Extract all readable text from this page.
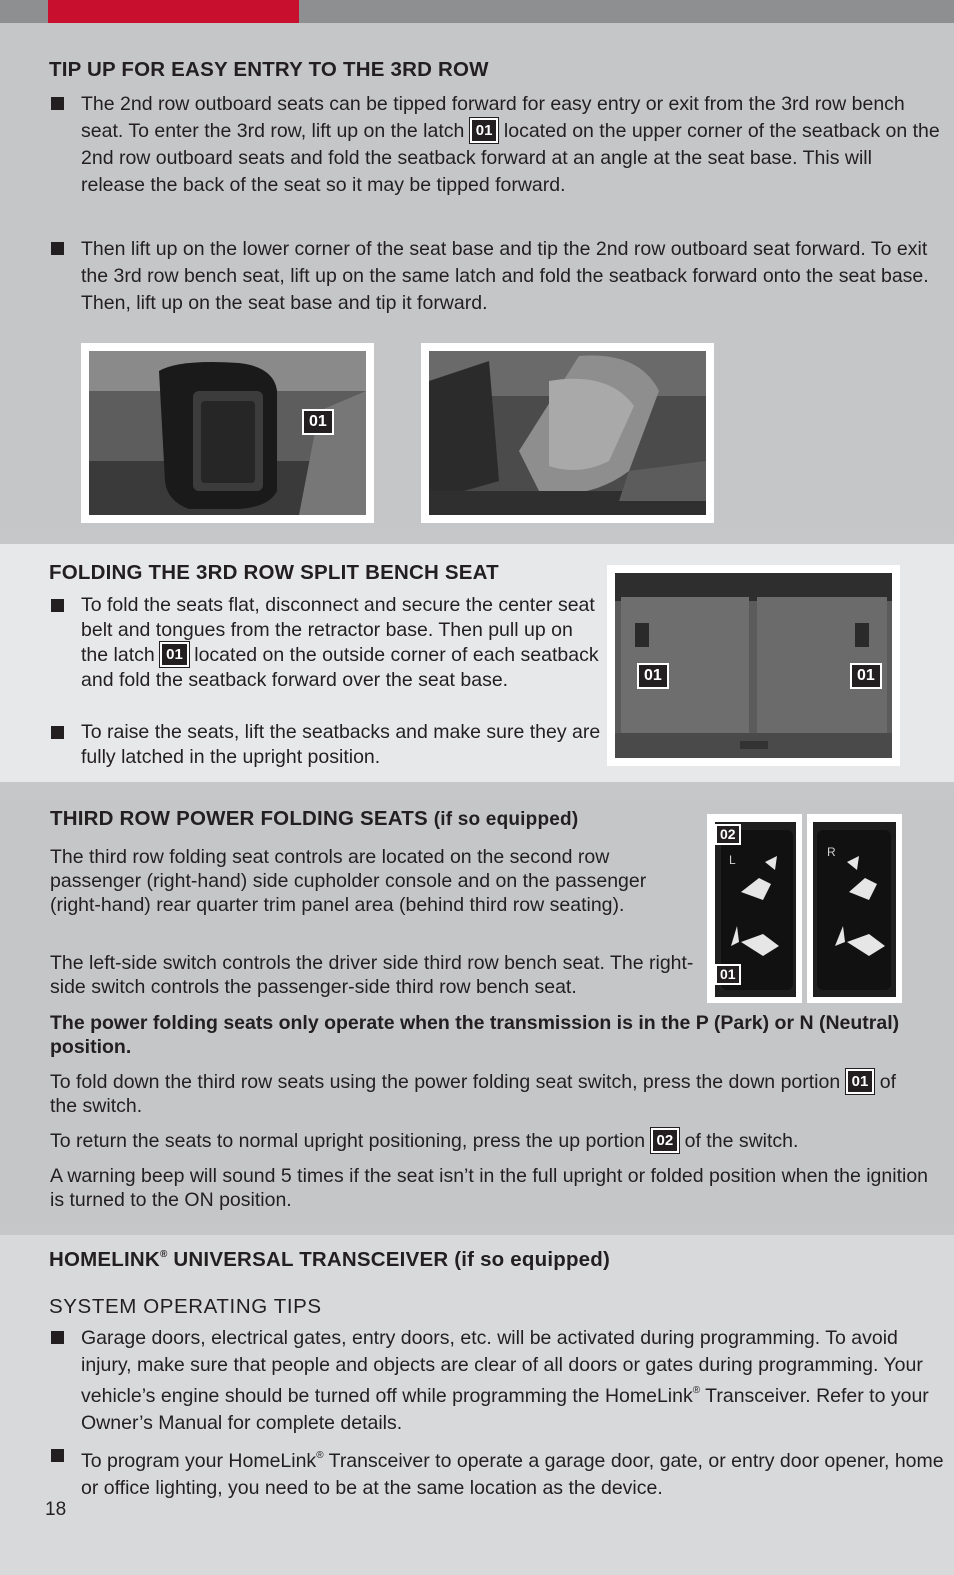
TIP UP FOR EASY ENTRY TO THE 3RD ROW
The 2nd row outboard seats can be tipped forward for easy entry or exit from the 3rd row bench seat. To enter the 3rd row, lift up on the latch 01 located on the upper corner of the seatback on the 2nd row outboard seats and fold the seatback forward at an angle at the seat base. This will release the back of the seat so it may be tipped forward.
Then lift up on the lower corner of the seat base and tip the 2nd row outboard seat forward. To exit the 3rd row bench seat, lift up on the same latch and fold the seatback forward onto the seat base. Then, lift up on the seat base and tip it forward.
01
FOLDING THE 3RD ROW SPLIT BENCH SEAT
To fold the seats flat, disconnect and secure the center seat belt and tongues from the retractor base. Then pull up on the latch 01 located on the outside corner of each seatback and fold the seatback forward over the seat base.
To raise the seats, lift the seatbacks and make sure they are fully latched in the upright position.
01	01
THIRD ROW POWER FOLDING SEATS (if so equipped)

The third row folding seat controls are located on the second row passenger (right-hand) side cupholder console and on the passenger (right-hand) rear quarter trim panel area (behind third row seating).

The left-side switch controls the driver side third row bench seat. The right-side switch controls the passenger-side third row bench seat.

The power folding seats only operate when the transmission is in the P (Park) or N (Neutral) position.

To fold down the third row seats using the power folding seat switch, press the down portion 01 of the switch.

To return the seats to normal upright positioning, press the up portion 02 of the switch.

A warning beep will sound 5 times if the seat isn’t in the full upright or folded position when the ignition is turned to the ON position.

L
02
01
R
HOMELINK® UNIVERSAL TRANSCEIVER (if so equipped)
SYSTEM OPERATING TIPS
Garage doors, electrical gates, entry doors, etc. will be activated during programming. To avoid injury, make sure that people and objects are clear of all doors or gates during programming. Your vehicle’s engine should be turned off while programming the HomeLink® Transceiver. Refer to your Owner’s Manual for complete details.
To program your HomeLink® Transceiver to operate a garage door, gate, or entry door opener, home or office lighting, you need to be at the same location as the device.
18
